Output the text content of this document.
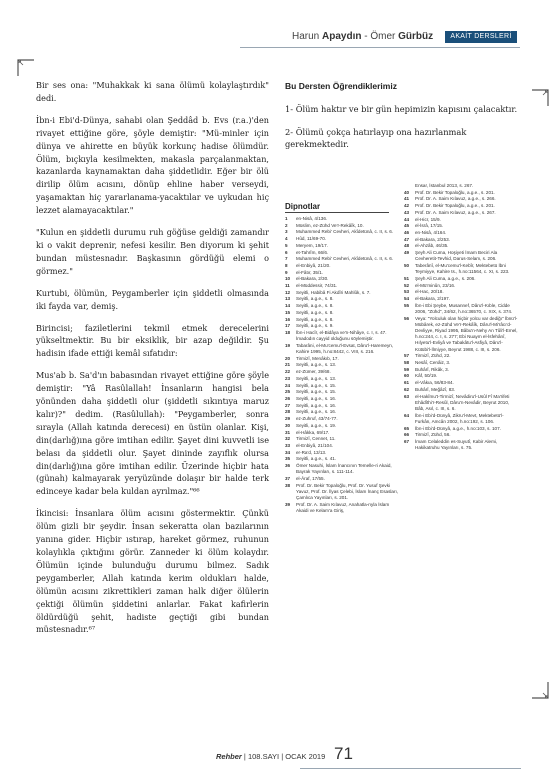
Harun Apaydın - Ömer Gürbüz	AKAİT DERSLERİ

Bir ses ona: "Muhakkak ki sana ölümü kolaylaştırdık" dedi.

İbn-i Ebi'd-Dünya, sahabi olan Şeddâd b. Evs (r.a.)'den rivayet ettiğine göre, şöyle demiştir: "Mü-minler için dünya ve ahirette en büyük korkunç hadise ölümdür. Ölüm, bıçkıyla kesilmekten, makasla parçalanmaktan, kazanlarda kaynamaktan daha şiddetlidir. Eğer bir ölü dirilip ölüm acısını, dönüp ehline haber verseydi, yaşamaktan hiç yararlanama-yacaktılar ve uykudan hiç lezzet alamayacaktılar."

"Kulun en şiddetli durumu ruh göğüse geldiği zamandır ki o vakit deprenir, nefesi kesilir. Ben diyorum ki şehit bundan müstesnadır. Başkasının gördüğü elemi o görmez."

Kurtubi, ölümün, Peygamberler için şiddetli olmasında iki fayda var, demiş.

Birincisi; faziletlerini tekmil etmek derecelerini yükseltmektir. Bu bir eksiklik, bir azap değildir. Şu hadisin ifade ettiği kemâl sıfatıdır:

Mus'ab b. Sa'd'ın babasından rivayet ettiğine göre şöyle demiştir: "Yâ Rasûlallah! İnsanların hangisi bela yönünden daha şiddetli olur (şiddetli sıkıntıya maruz kalır)?" dedim. (Rasûlullah): "Peygamberler, sonra sırayla (Allah katında derecesi) en üstün olanlar. Kişi, din(darlığ)ına göre imtihan edilir. Şayet dini kuvvetli ise belası da şiddetli olur. Şayet dininde zayıflık olursa din(darlığ)ına göre imtihan edilir. Üzerinde hiçbir hata (günah) kalmayarak yeryüzünde dolaşır bir halde terk edinceye kadar bela kuldan ayrılmaz."⁶⁶

İkincisi: İnsanlara ölüm acısını göstermektir. Çünkü ölüm gizli bir şeydir. İnsan sekeratta olan bazılarının yanına gider. Hiçbir ıstırap, hareket görmez, ruhunun kolaylıkla çıktığını görür. Zanneder ki ölüm kolaydır. Ölümün içinde bulunduğu durumu bilmez. Sadık peygamberler, Allah katında kerim oldukları halde, ölümün acısını zikrettikleri zaman halk diğer ölülerin çektiği ölümün şiddetini anlarlar. Fakat kafirlerin öldürdüğü şehit, hadiste geçtiği gibi bundan müstesnadır.⁶⁷

Bu Dersten Öğrendiklerimiz
1- Ölüm haktır ve bir gün hepimizin kapısını çalacaktır.
2- Ölümü çokça hatırlayıp ona hazırlanmak gerekmektedir.
Dipnotlar
1	en-Nisâ, 4/136.
2	Müslim, ez-Zühd Ve'r-Rekâîk, 10.
3	Muhammed Rebi' Cevheri, Akîdetünâ, c. II, s. 6.
4	Hûd, 11/69-70.
5	Meryem, 19/17.
6	et-Tahrîm, 66/6.
7	Muhammed Rebi' Cevheri, Akîdetünâ, c. II, s. 6.
8	el-Enbiyâ, 21/20.
9	el-Fâtır, 35/1.
10	el-Bakara, 2/30.
11	el-Müddessir, 74/31.
12	Seyitli, Habibâ Fi Akdîri Mahlûk, s. 7.
13	Seyitli, a.g.e., s. 8.
14	Seyitli, a.g.e., s. 8.
15	Seyitli, a.g.e., s. 8.
16	Seyitli, a.g.e., s. 8.
17	Seyitli, a.g.e., s. 9.
18	İbn-i Hacîr, el-Bidâya ve'n-Nihâye, c. I, s. 47. İmadodın cayyid olduğunu söylemiştir.
19	Tabarâni, el-Mu'cemu'l-Evsat, Dâru'l-Haremeyn, Kahire 1995, h.no:8442, c. VIII, s. 216.
20	Tirmizî, Menâkıb, 17.
21	Seyitli, a.g.e., s. 13.
22	ez-Zümer, 39/68.
23	Seyitli, a.g.e., s. 13.
24	Seyitli, a.g.e., s. 15.
25	Seyitli, a.g.e., s. 15.
26	Seyitli, a.g.e., s. 16.
27	Seyitli, a.g.e., s. 16.
28	Seyitli, a.g.e., s. 16.
29	ez-Zuhruf, 43/74-77.
30	Seyitli, a.g.e., s. 19.
31	el-Hâkka, 69/17.
32	Tirmizî, Cennet, 11.
33	el-Enbiyâ, 21/104.
34	er-Ra'd, 13/13.
35	Seyitli, a.g.e., s. 41.
36	Ömer Nasuhi, İslam İnancının Temelle-ri Akaid, Bayrak Yayınları, s. 111-114.
37	el-Âraf, 17/55.
38	Prof. Dr. Bekir Topaloğlu, Prof. Dr. Yusuf Şevki Yavuz, Prof. Dr. İlyas Çelebi, İslam İnanç Esasları, Çamlıca Yayınları, s. 201.
39	Prof. Dr. A. Saim Kılavuz, Anahatla-rıyla İslam Akaidi ve Kelam'a Giriş,
Ensar, İstanbul 2013, s. 267.
40	Prof. Dr. Bekir Topaloğlu, a.g.e., s. 201.
41	Prof. Dr. A. Saim Kılavuz, a.g.e., s. 266.
42	Prof. Dr. Bekir Topaloğlu, a.g.e., s. 201.
43	Prof. Dr. A. Saim Kılavuz, a.g.e., s. 267.
44	el-Hicr, 15/9.
45	el-İsrâ, 17/15.
46	en-Nisâ, 4/164.
47	el-Bakara, 2/253.
48	el-Ahzâb, 46/35.
49	Şeyh Ali Cuma, Hoşiyeti İmam Beciri Ala Cevheretit-Tevhid, Darus-Selam, s. 206.
50	Taberânî, el-Mu'cemu'l-Kebîr, Mektebetü İbni Teymiyye, Kahire ts., h.no:11564, c. XI, s. 223.
51	Şeyh Ali Cuma, a.g.e., s. 206.
52	el-Mü'minûn, 23/16.
53	el-Hac, 20/18.
54	el-Bakara, 2/197.
55	İbn-i Ebi Şeybe, Musannef, Dâru'l-Kıble, Cidde 2006, "Zühd", 34/62, h.no:36570, c. XIX, s. 374.
56	Veya: "Yolculuk olan hiçbir yolcu var dediğı" İbnü'l-Mübârek, ez-Zühd Ve'r-Rekâîk, Dâru'l-Mi'râcı'd-Devliyye, Riyad 1995, Bâbu'n-Nehy An Tûli'l-Emel, h.no:244, c. I, s. 277; Ebi Nuaym el-İsfehânî, Hılyetu'l-Evliyâ ve Tabakâtu'l-Asfiyâ, Dâru'l-Kütübi'l-İlmiyye, Beyrut 1988, c. III, s. 206.
57	Tirmizî, Zühd, 22.
58	Nesâî, Cenâiz, 3.
59	Buhârî, Rikâk, 3.
60	Kâf, 50/19.
61	el-Vâkıa, 56/83-84.
62	Buhârî, Meğâzî, 83.
63	el-Hakîmu't-Tirmizî, Nevâdiru'l-Usûl Fî Ma'rifeti Ehâdîthi'r-Resûl, Dâru'n-Nevâdir, Beyrut 2010, Bâb, Asıl, c. III, s. 6.
64	İbn-i Ebi'd-Dünyâ, Zikru'l-Mevt, Mektebetü'l-Furkân, Amcân 2002, h.no:192, s. 106.
65	İbn-i Ebi'd-Dünyâ, a.g.e., h.no:103, s. 107.
66	Tirmizî, Zühd, 56.
67	İmam Celaleddin es-Suyutî, Kabir Alemi, Hakikatruhu Yayınları, s. 75.
Rehber | 108.SAYI | OCAK 2019 71
